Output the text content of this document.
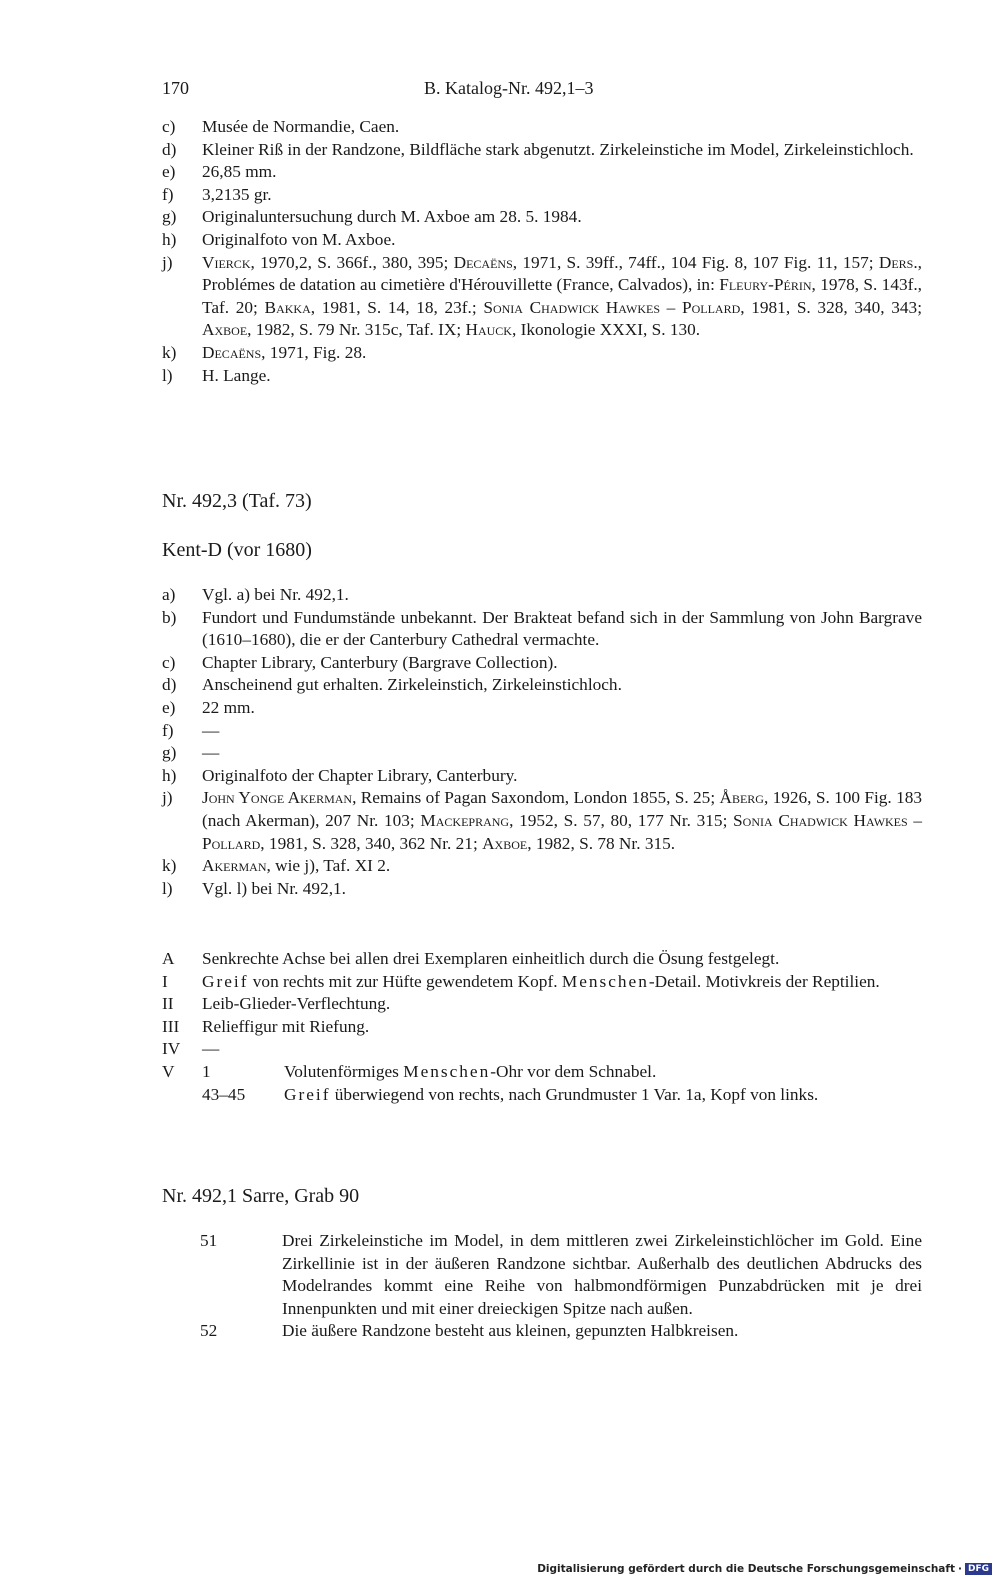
170	B. Katalog-Nr. 492,1–3
c)	Musée de Normandie, Caen.
d)	Kleiner Riß in der Randzone, Bildfläche stark abgenutzt. Zirkeleinstiche im Model, Zirkeleinstichloch.
e)	26,85 mm.
f)	3,2135 gr.
g)	Originaluntersuchung durch M. Axboe am 28. 5. 1984.
h)	Originalfoto von M. Axboe.
j)	Vierck, 1970,2, S. 366f., 380, 395; Decaëns, 1971, S. 39ff., 74ff., 104 Fig. 8, 107 Fig. 11, 157; Ders., Problémes de datation au cimetière d'Hérouvillette (France, Calvados), in: Fleury-Périn, 1978, S. 143f., Taf. 20; Bakka, 1981, S. 14, 18, 23f.; Sonia Chadwick Hawkes – Pollard, 1981, S. 328, 340, 343; Axboe, 1982, S. 79 Nr. 315c, Taf. IX; Hauck, Ikonologie XXXI, S. 130.
k)	Decaëns, 1971, Fig. 28.
l)	H. Lange.
Nr. 492,3 (Taf. 73)
Kent-D (vor 1680)
a)	Vgl. a) bei Nr. 492,1.
b)	Fundort und Fundumstände unbekannt. Der Brakteat befand sich in der Sammlung von John Bargrave (1610–1680), die er der Canterbury Cathedral vermachte.
c)	Chapter Library, Canterbury (Bargrave Collection).
d)	Anscheinend gut erhalten. Zirkeleinstich, Zirkeleinstichloch.
e)	22 mm.
f)	—
g)	—
h)	Originalfoto der Chapter Library, Canterbury.
j)	John Yonge Akerman, Remains of Pagan Saxondom, London 1855, S. 25; Åberg, 1926, S. 100 Fig. 183 (nach Akerman), 207 Nr. 103; Mackeprang, 1952, S. 57, 80, 177 Nr. 315; Sonia Chadwick Hawkes – Pollard, 1981, S. 328, 340, 362 Nr. 21; Axboe, 1982, S. 78 Nr. 315.
k)	Akerman, wie j), Taf. XI 2.
l)	Vgl. l) bei Nr. 492,1.
A	Senkrechte Achse bei allen drei Exemplaren einheitlich durch die Ösung festgelegt.
I	Greif von rechts mit zur Hüfte gewendetem Kopf. Menschen-Detail. Motivkreis der Reptilien.
II	Leib-Glieder-Verflechtung.
III	Relieffigur mit Riefung.
IV	—
V	1	Volutenförmiges Menschen-Ohr vor dem Schnabel.
43–45	Greif überwiegend von rechts, nach Grundmuster 1 Var. 1a, Kopf von links.
Nr. 492,1 Sarre, Grab 90
51	Drei Zirkeleinstiche im Model, in dem mittleren zwei Zirkeleinstichlöcher im Gold. Eine Zirkellinie ist in der äußeren Randzone sichtbar. Außerhalb des deutlichen Abdrucks des Modelrandes kommt eine Reihe von halbmondförmigen Punzabdrücken mit je drei Innenpunkten und mit einer dreieckigen Spitze nach außen.
52	Die äußere Randzone besteht aus kleinen, gepunzten Halbkreisen.
Digitalisierung gefördert durch die Deutsche Forschungsgemeinschaft · DFG
